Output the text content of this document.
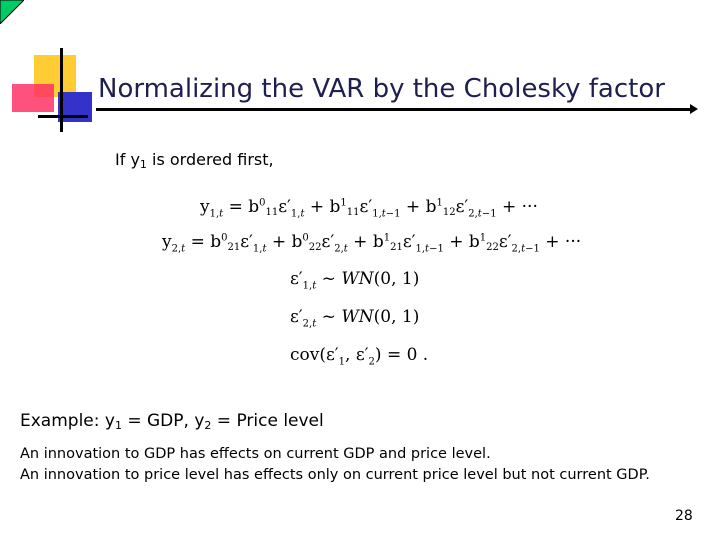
Normalizing the VAR by the Cholesky factor
If y1 is ordered first,
$y_{1,t} = b^0_{11}\varepsilon'_{1,t} + b^1_{11}\varepsilon'_{1,t-1} + b^1_{12}\varepsilon'_{2,t-1}$ + ···
$y_{2,t} = b^0_{21}\varepsilon'_{1,t} + b^0_{22}\varepsilon'_{2,t} + b^1_{21}\varepsilon'_{1,t-1} + b^1_{22}\varepsilon'_{2,t-1}$ + ···
$\varepsilon'_{1,t}$ ~ WN(0, 1)
$\varepsilon'_{2,t}$ ~ WN(0, 1)
$cov(\varepsilon'_1$, $\varepsilon'_2) = 0$ .
Example: y1 = GDP, y2 = Price level
An innovation to GDP has effects on current GDP and price level.
An innovation to price level has effects only on current price level but not current GDP.
28
